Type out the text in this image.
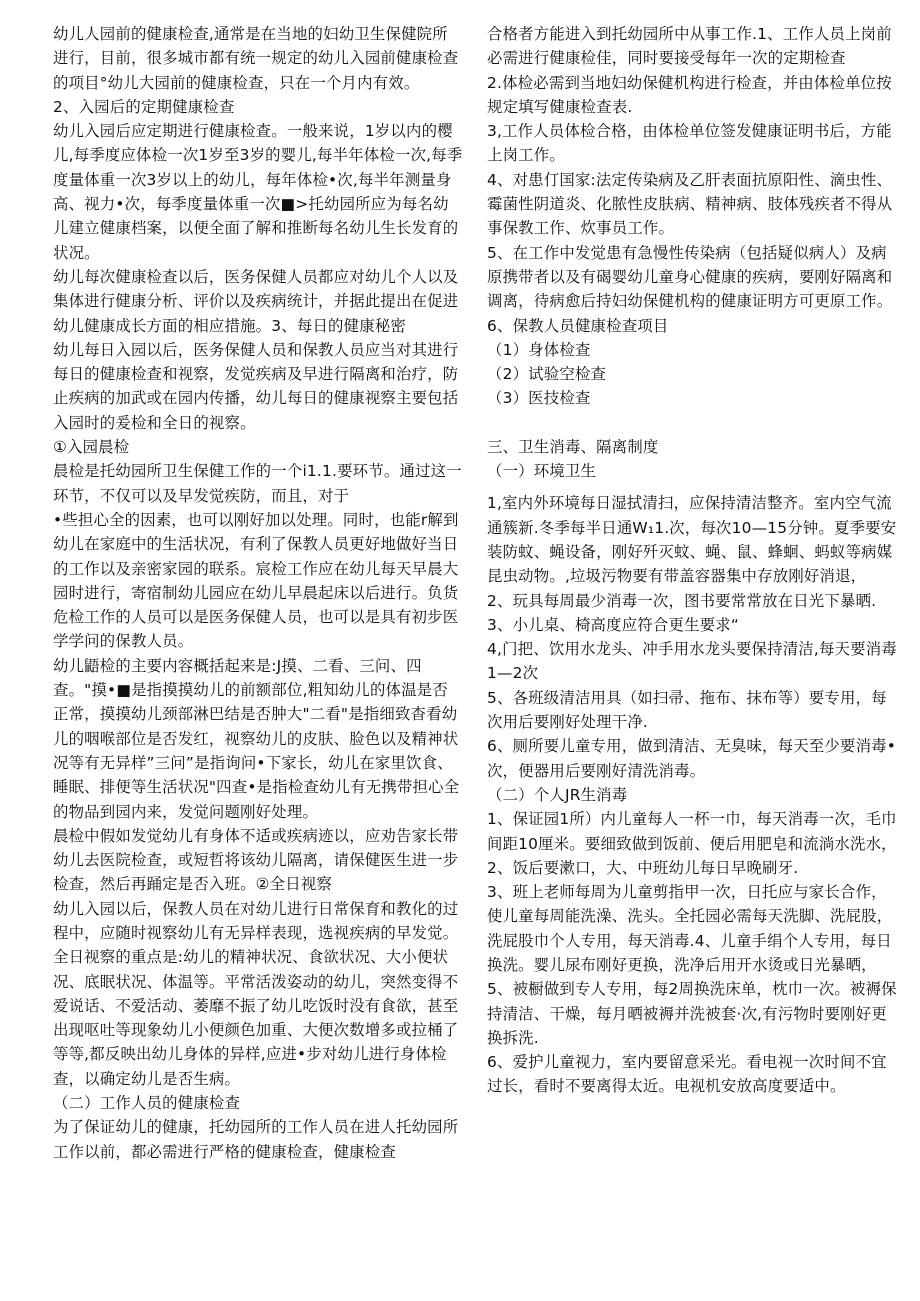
幼儿人园前的健康检查,通常是在当地的妇幼卫生保健院所进行，目前，很多城市都有统一规定的幼儿入园前健康检查的项目°幼儿大园前的健康检查，只在一个月内有效。

2、入园后的定期健康检查

幼儿入园后应定期进行健康检查。一般来说，1岁以内的樱儿,每季度应体检一次1岁至3岁的婴儿,每半年体检一次,每季度量体重一次3岁以上的幼儿，每年体检•次,每半年测量身高、视力•次，每季度量体重一次■>托幼园所应为每名幼儿建立健康档案，以便全面了解和推断每名幼儿生长发育的状况。

幼儿每次健康检查以后，医务保健人员都应对幼儿个人以及集体进行健康分析、评价以及疾病统计，并据此提出在促进幼儿健康成长方面的相应措施。3、每日的健康秘密

幼儿每日入园以后，医务保健人员和保教人员应当对其进行每日的健康检查和视察，发觉疾病及早进行隔离和治疗，防止疾病的加武或在园内传播，幼儿每日的健康视察主要包括入园时的爰检和全日的视察。

①入园晨检

晨检是托幼园所卫生保健工作的一个i1.1.要环节。通过这一环节，不仅可以及早发觉疾防，而且，对于

•些担心全的因素，也可以刚好加以处理。同时，也能r解到幼儿在家庭中的生活状况，有利了保教人员更好地做好当日的工作以及亲密家园的联系。宸检工作应在幼儿每天早晨大园时进行，寄宿制幼儿园应在幼儿早晨起床以后进行。负货危检工作的人员可以是医务保健人员，也可以是具有初步医学学问的保教人员。

幼儿鼯检的主要内容概括起来是:J摸、二看、三问、四查。"摸•■是指摸摸幼儿的前额部位,粗知幼儿的体温是否正常，摸摸幼儿颈部淋巴结是否肿大"二看"是指细致杳看幼儿的咽喉部位是否发红，视察幼儿的皮肤、脸色以及精神状况等有无异样”三问”是指询问•下家长，幼儿在家里饮食、睡眠、排便等生活状况"四查•是指检查幼儿有无携带担心全的物品到园内来，发觉问题刚好处理。

晨检中假如发觉幼儿有身体不适或疾病迹以，应劝告家长带幼儿去医院检查，或短哲将该幼儿隔离，请保健医生进一步检查，然后再踊定是否入班。②全日视察

幼儿入园以后，保教人员在对幼儿进行日常保育和教化的过程中，应随时视察幼儿有无异样表现，选视疾病的早发觉。全日视察的重点是:幼儿的精神状况、食欲状况、大小便状况、底眠状况、体温等。平常活泼姿动的幼儿，突然变得不爱说话、不爱活动、萎靡不振了幼儿吃饭时没有食欲，甚至出现呕吐等现象幼儿小便颜色加重、大便次数增多或拉桶了等等,都反映出幼儿身体的异样,应进•步对幼儿进行身体检查，以确定幼儿是否生病。

（二）工作人员的健康检查

为了保证幼儿的健康，托幼园所的工作人员在进人托幼园所工作以前，都必需进行严格的健康检查，健康检查

合格者方能进入到托幼园所中从事工作.1、工作人员上岗前必需进行健康检佳，同时要接受每年一次的定期检查

2.体检必需到当地妇幼保健机构进行检查，并由体检单位按规定填写健康检查表.

3,工作人员体检合格，由体检单位签发健康证明书后，方能上岗工作。

4、对患仃国家:法定传染病及乙肝表面抗原阳性、滴虫性、霉菌性阴道炎、化脓性皮肤病、精神病、肢体残疾者不得从事保教工作、炊事员工作。

5、在工作中发觉患有急慢性传染病（包括疑似病人）及病原携带者以及有碣婴幼儿童身心健康的疾病，要刚好隔离和调离，待病愈后持妇幼保健机构的健康证明方可更原工作。

6、保教人员健康检查项目

（1）身体检查

（2）试验空检查

（3）医技检查

三、卫生消毒、隔离制度

（一）环境卫生

1,室内外环境每日湿拭清扫，应保持清洁整齐。室内空气流通簇新.冬季每半日通W₁1.次，每次10—15分钟。夏季要安装防蚊、蝇设备，刚好歼灭蚊、蝇、鼠、蜂蛔、蚂蚁等病媒昆虫动物。,垃圾污物要有带盖容器集中存放刚好消退，

2、玩具每周最少消毒一次，图书要常常放在日光下暴晒.

3、小儿桌、椅高度应符合更生要求“

4,门把、饮用水龙头、冲手用水龙头要保持清洁,每天要消毒1—2次

5、各班级清洁用具（如扫帚、拖布、抹布等）要专用，每次用后要刚好处理干净.

6、厕所要儿童专用，做到清洁、无臭味，每天至少要消毒•次，便器用后要刚好清洗消毒。

（二）个人JR生消毒

1、保证园1所）内儿童每人一杯一巾，每天消毒一次，毛巾间距10厘米。要细致做到饭前、便后用肥皂和流淌水洗水，

2、饭后要漱口，大、中班幼儿每日早晚刷牙.

3、班上老师每周为儿童剪指甲一次，日托应与家长合作，使儿童每周能洗澡、洗头。全托园必需每天洗脚、洗屁股，洗屁股巾个人专用，每天消毒.4、儿童手绢个人专用，每日换洗。婴儿尿布刚好更换，洗净后用开水烫或日光暴晒，

5、被橱做到专人专用，每2周换洗床单，枕巾一次。被褥保持清洁、干燥，每月晒被褥并洗被套·次,有污物时要刚好更换拆洗.

6、爱护儿童视力，室内要留意采光。看电视一次时间不宜过长，看时不要离得太近。电视机安放高度要适中。
